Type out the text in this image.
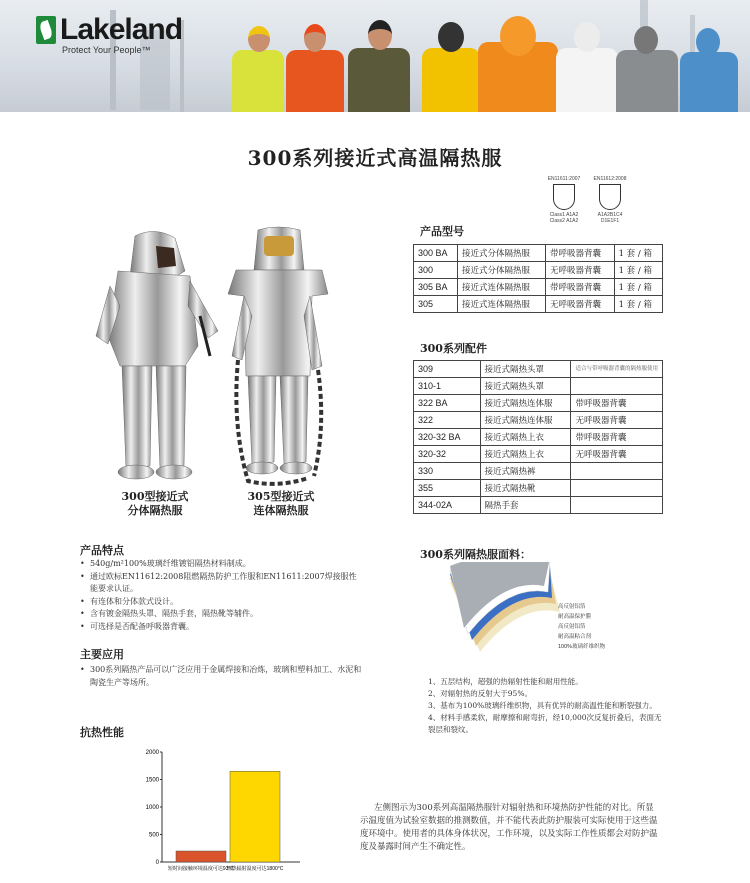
Lakeland
Protect Your People™
300系列接近式高温隔热服
EN11611:2007
Class1 A1A2
Class2 A1A2
EN11612:2008
A1A2B1C4
D1E1F1
产品型号
300 BA	接近式分体隔热服	带呼吸器背囊	1 套 / 箱
300	接近式分体隔热服	无呼吸器背囊	1 套 / 箱
305 BA	接近式连体隔热服	带呼吸器背囊	1 套 / 箱
305	接近式连体隔热服	无呼吸器背囊	1 套 / 箱
300系列配件
309	接近式隔热头罩	适合与带呼吸器背囊的隔热服使用
310-1	接近式隔热头罩	
322 BA	接近式隔热连体服	带呼吸器背囊
322	接近式隔热连体服	无呼吸器背囊
320-32 BA	接近式隔热上衣	带呼吸器背囊
320-32	接近式隔热上衣	无呼吸器背囊
330	接近式隔热裤	
355	接近式隔热靴	
344-02A	隔热手套	
300型接近式
分体隔热服
305型接近式
连体隔热服
产品特点
• 540g/m²100%玻璃纤维镀铝隔热材料制成。
• 通过欧标EN11612:2008阻燃隔热防护工作服和EN11611:2007焊接服性能要求认证。
• 有连体和分体款式设计。
• 含有镀金隔热头罩、隔热手套，隔热靴等辅件。
• 可选择是否配备呼吸器背囊。
主要应用
• 300系列隔热产品可以广泛应用于金属焊接和冶炼，玻璃和塑料加工、水泥和陶瓷生产等场所。
300系列隔热服面料：
高反射铝箔
耐高温保护膜
高反射铝箔
耐高温粘合剂
100%玻璃纤维织物
1、五层结构，超强的热辐射性能和耐用性能。
2、对辐射热的反射大于95%。
3、基布为100%玻璃纤维织物，具有优异的耐高温性能和断裂强力。
4、材料手感柔软，耐摩擦和耐弯折，经10,000次反复折叠后，表面无裂层和裂纹。
抗热性能
2000
1500
1000
500
0
短时间接触环境温度可达93°C
短热辐射温度可达1800°C
左侧图示为300系列高温隔热服针对辐射热和环境热防护性能的对比。所显示温度值为试验室数据的推测数值，并不能代表此防护服装可实际使用于这些温度环境中。使用者的具体身体状况，工作环境，以及实际工作性质都会对防护温度及暴露时间产生不确定性。
